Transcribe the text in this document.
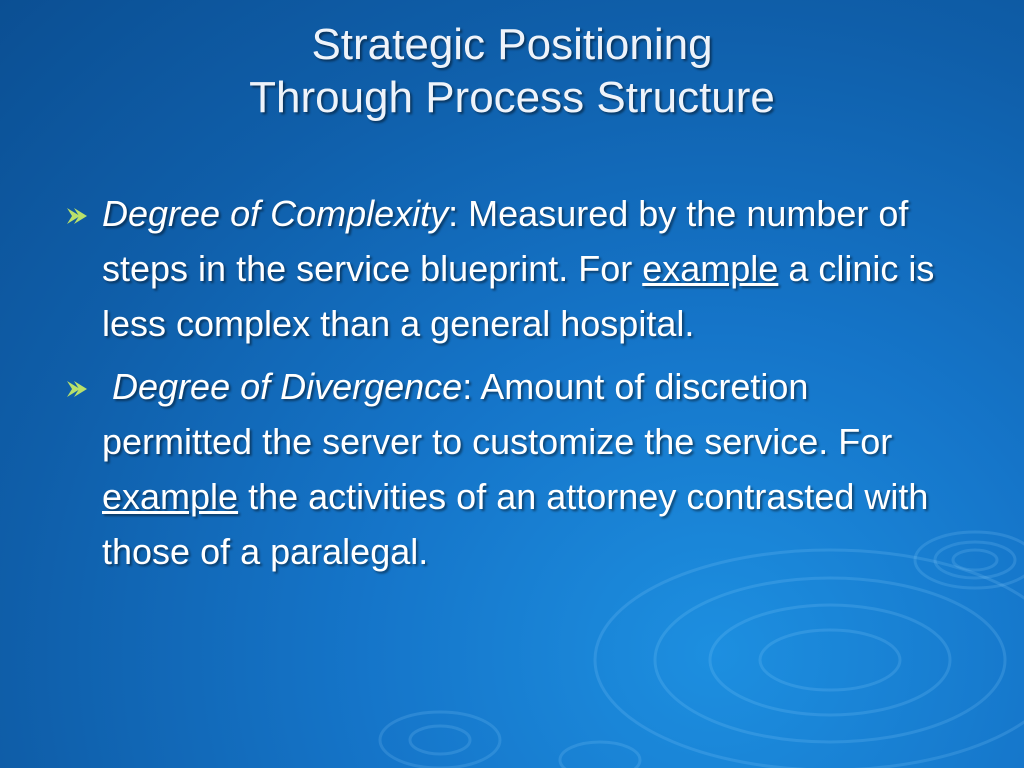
Strategic Positioning
Through Process Structure
Degree of Complexity: Measured by the number of steps in the service blueprint. For example a clinic is less complex than a general hospital.
Degree of Divergence: Amount of discretion permitted the server to customize the service. For example the activities of an attorney contrasted with those of a paralegal.
